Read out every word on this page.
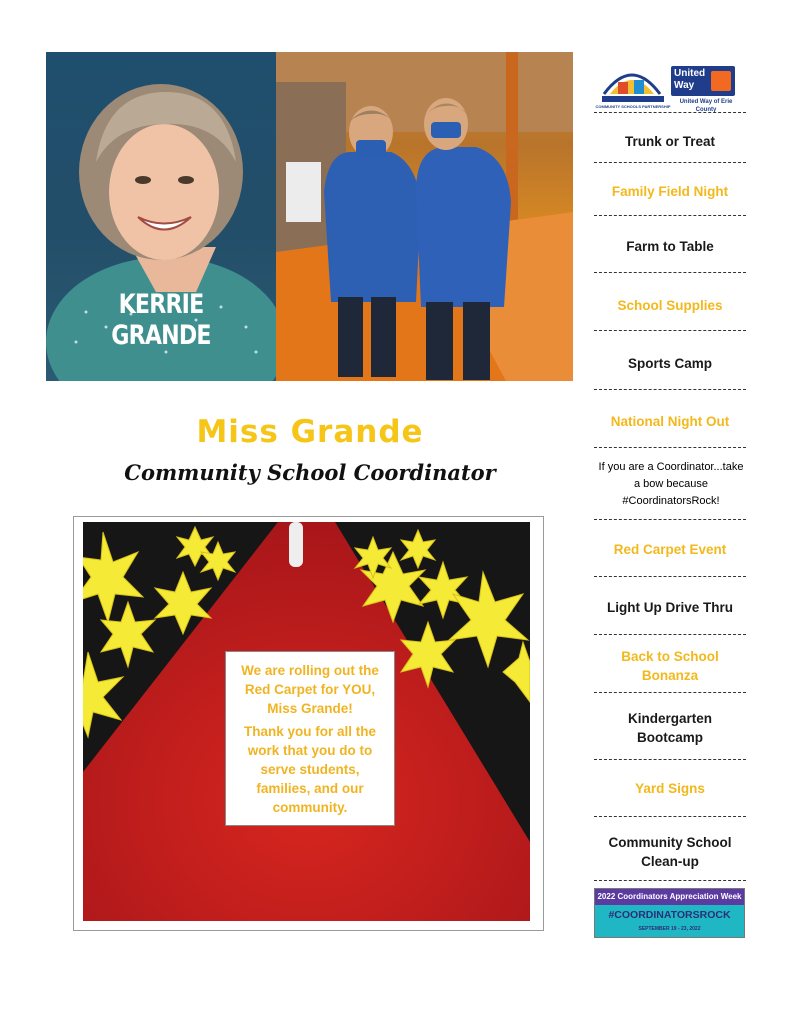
KERRIE GRANDE
Miss Grande
Community School Coordinator

We are rolling out the Red Carpet for YOU, Miss Grande!

Thank you for all the work that you do to serve students, families, and our community.

COMMUNITY SCHOOLS PARTNERSHIP
United Way
United Way of Erie County
Trunk or Treat
Family Field Night
Farm to Table
School Supplies
Sports Camp
National Night Out
If you are a Coordinator...take a bow because #CoordinatorsRock!
Red Carpet Event
Light Up Drive Thru
Back to School Bonanza
Kindergarten Bootcamp
Yard Signs
Community School Clean-up
2022 Coordinators Appreciation Week
#COORDINATORSROCK
SEPTEMBER 19 - 23, 2022
